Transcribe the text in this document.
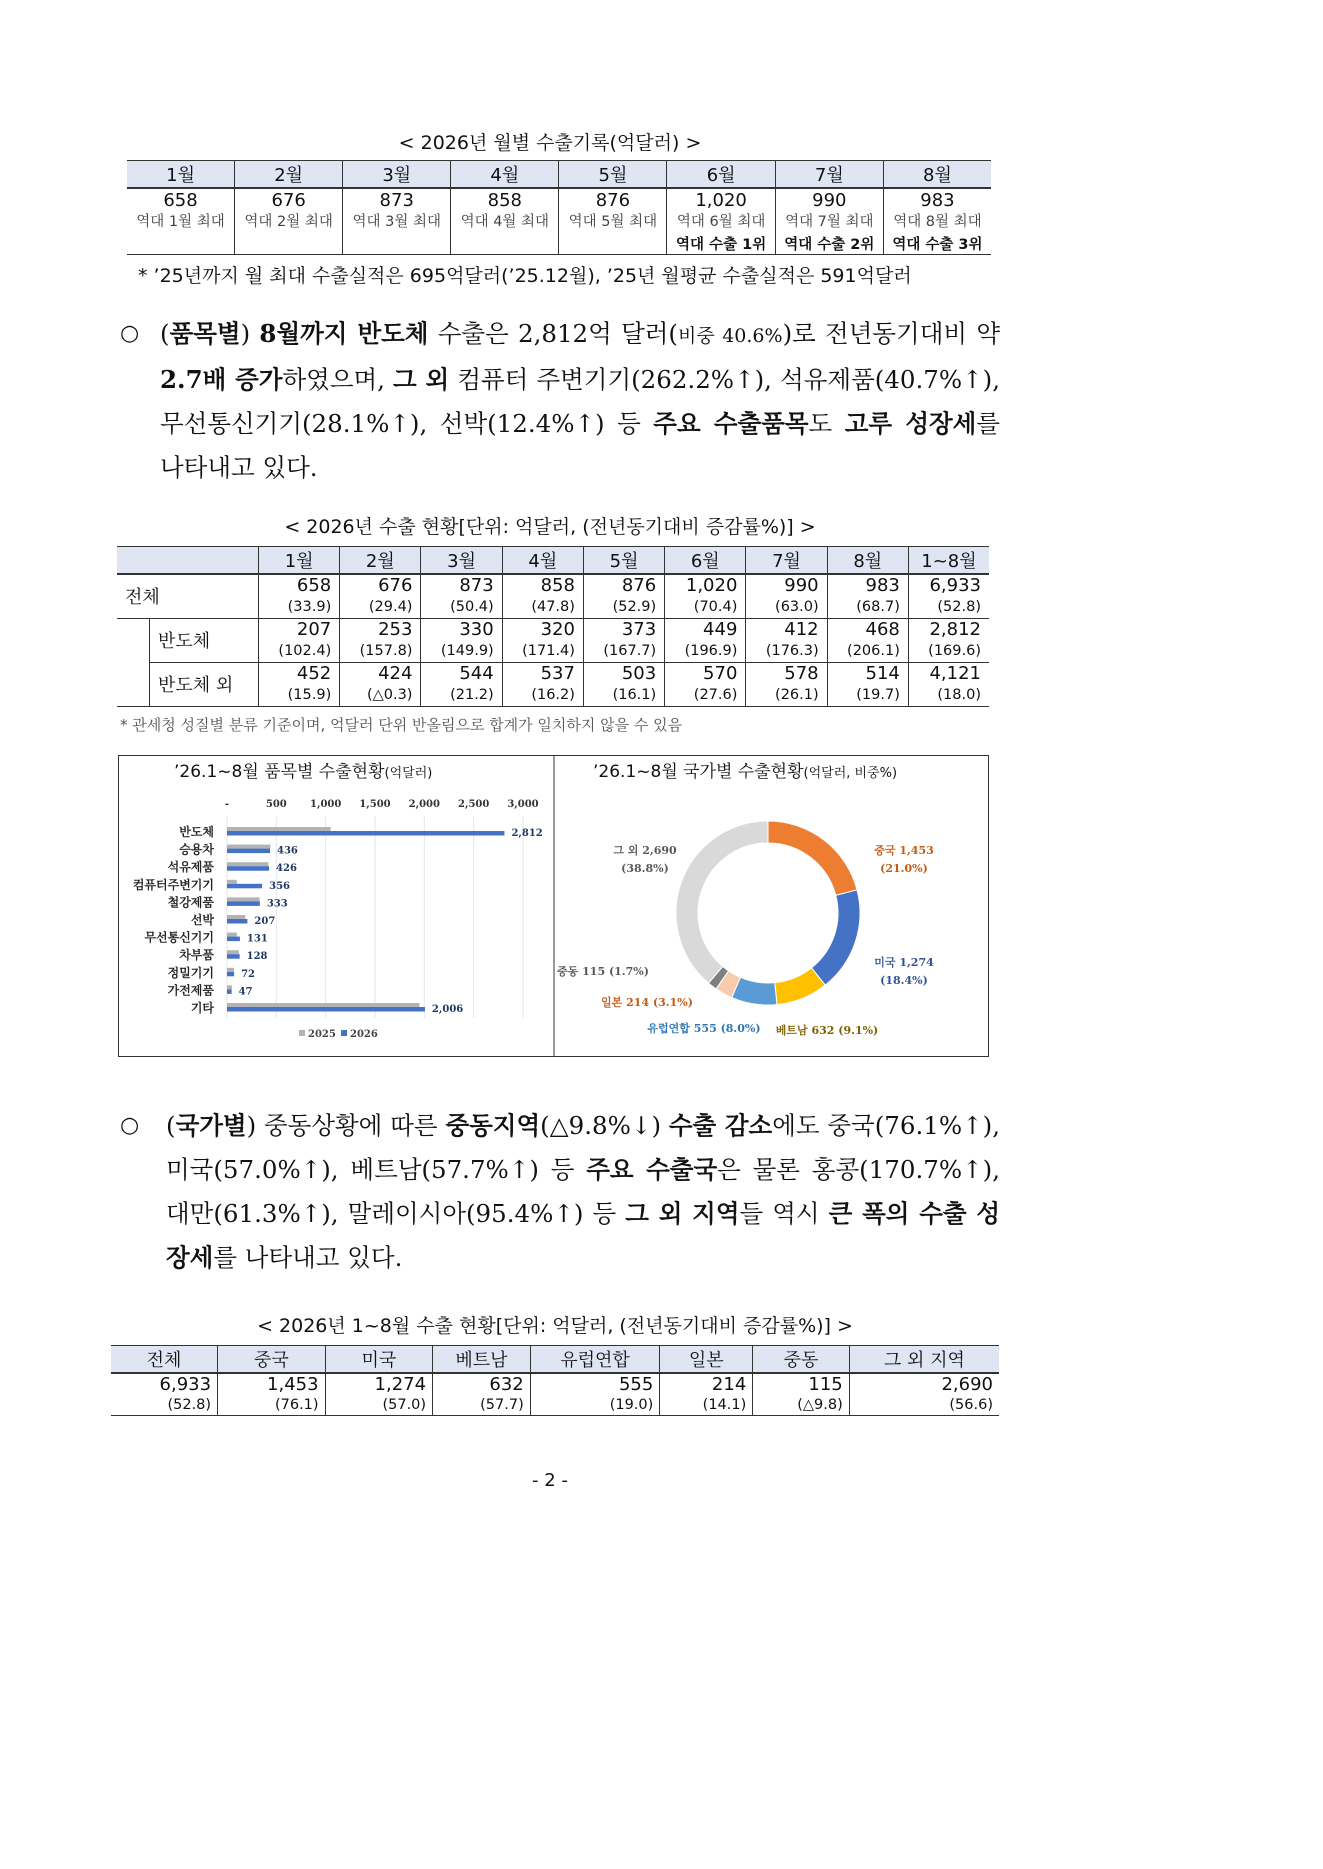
< 2026년 월별 수출기록(억달러) >
1월	2월	3월	4월	5월	6월	7월	8월
658	676	873	858	876	1,020	990	983
역대 1월 최대	역대 2월 최대	역대 3월 최대	역대 4월 최대	역대 5월 최대	역대 6월 최대	역대 7월 최대	역대 8월 최대
					역대 수출 1위	역대 수출 2위	역대 수출 3위
* ’25년까지 월 최대 수출실적은 695억달러(’25.12월), ’25년 월평균 수출실적은 591억달러
○ (품목별) 8월까지 반도체 수출은 2,812억 달러(비중 40.6%)로 전년동기대비 약 2.7배 증가하였으며, 그 외 컴퓨터 주변기기(262.2%↑), 석유제품(40.7%↑), 무선통신기기(28.1%↑), 선박(12.4%↑) 등 주요 수출품목도 고루 성장세를 나타내고 있다.
< 2026년 수출 현황[단위: 억달러, (전년동기대비 증감률%)] >
		1월	2월	3월	4월	5월	6월	7월	8월	1~8월
전체		658	676	873	858	876	1,020	990	983	6,933
		(33.9)	(29.4)	(50.4)	(47.8)	(52.9)	(70.4)	(63.0)	(68.7)	(52.8)
	반도체	207	253	330	320	373	449	412	468	2,812
		(102.4)	(157.8)	(149.9)	(171.4)	(167.7)	(196.9)	(176.3)	(206.1)	(169.6)
	반도체 외	452	424	544	537	503	570	578	514	4,121
		(15.9)	(△0.3)	(21.2)	(16.2)	(16.1)	(27.6)	(26.1)	(19.7)	(18.0)
* 관세청 성질별 분류 기준이며, 억달러 단위 반올림으로 합계가 일치하지 않을 수 있음
’26.1~8월 품목별 수출현황(억달러)
-	500 1,000 1,500 2,000 2,500 3,000
반도체	2,812
승용차	436
석유제품	426
컴퓨터주변기기	356
철강제품	333
선박	207
무선통신기기	131
차부품	128
정밀기기	72
가전제품 47
기타	2,006
2025 2026
’26.1~8월 국가별 수출현황(억달러, 비중%)
중국 1,453
(21.0%)
미국 1,274
(18.4%)
베트남 632 (9.1%)
유럽연합 555 (8.0%)
일본 214 (3.1%)
중동 115 (1.7%)
그 외 2,690
(38.8%)
○	(국가별) 중동상황에 따른 중동지역(△9.8%↓) 수출 감소에도 중국(76.1%↑), 미국(57.0%↑), 베트남(57.7%↑) 등 주요 수출국은 물론 홍콩(170.7%↑), 대만(61.3%↑), 말레이시아(95.4%↑) 등 그 외 지역들 역시 큰 폭의 수출 성장세를 나타내고 있다.
< 2026년 1~8월 수출 현황[단위: 억달러, (전년동기대비 증감률%)] >
전체	중국	미국	베트남	유럽연합	일본	중동	그 외 지역
6,933	1,453	1,274	632	555	214	115	2,690
(52.8)	(76.1)	(57.0)	(57.7)	(19.0)	(14.1)	(△9.8)	(56.6)
- 2 -
